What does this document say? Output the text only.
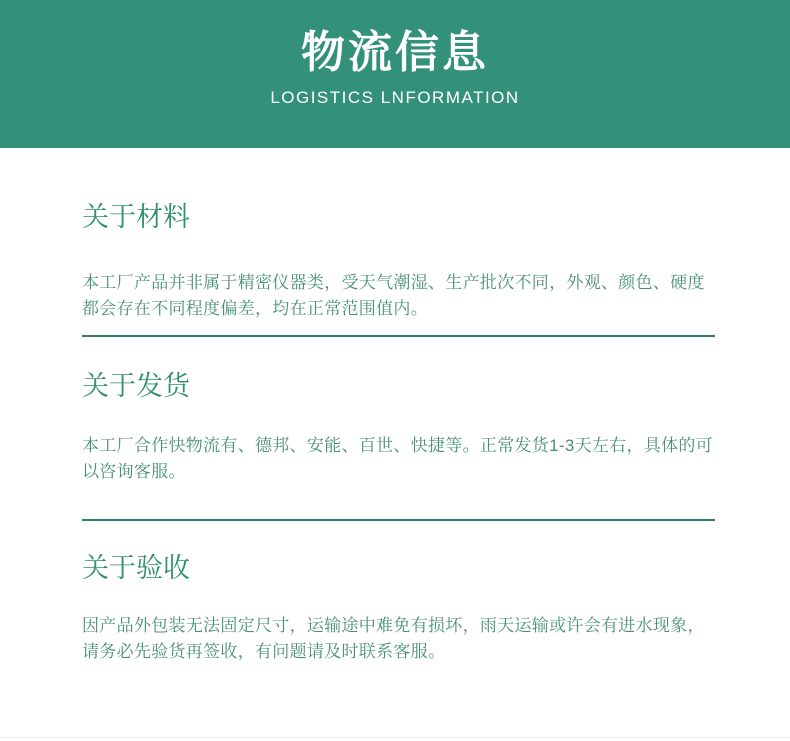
物流信息
LOGISTICS LNFORMATION
关于材料

本工厂产品并非属于精密仪器类，受天气潮湿、生产批次不同，外观、颜色、硬度都会存在不同程度偏差，均在正常范围值内。

关于发货

本工厂合作快物流有、德邦、安能、百世、快捷等。正常发货1-3天左右，具体的可以咨询客服。

关于验收

因产品外包装无法固定尺寸，运输途中难免有损坏，雨天运输或许会有进水现象，请务必先验货再签收，有问题请及时联系客服。
